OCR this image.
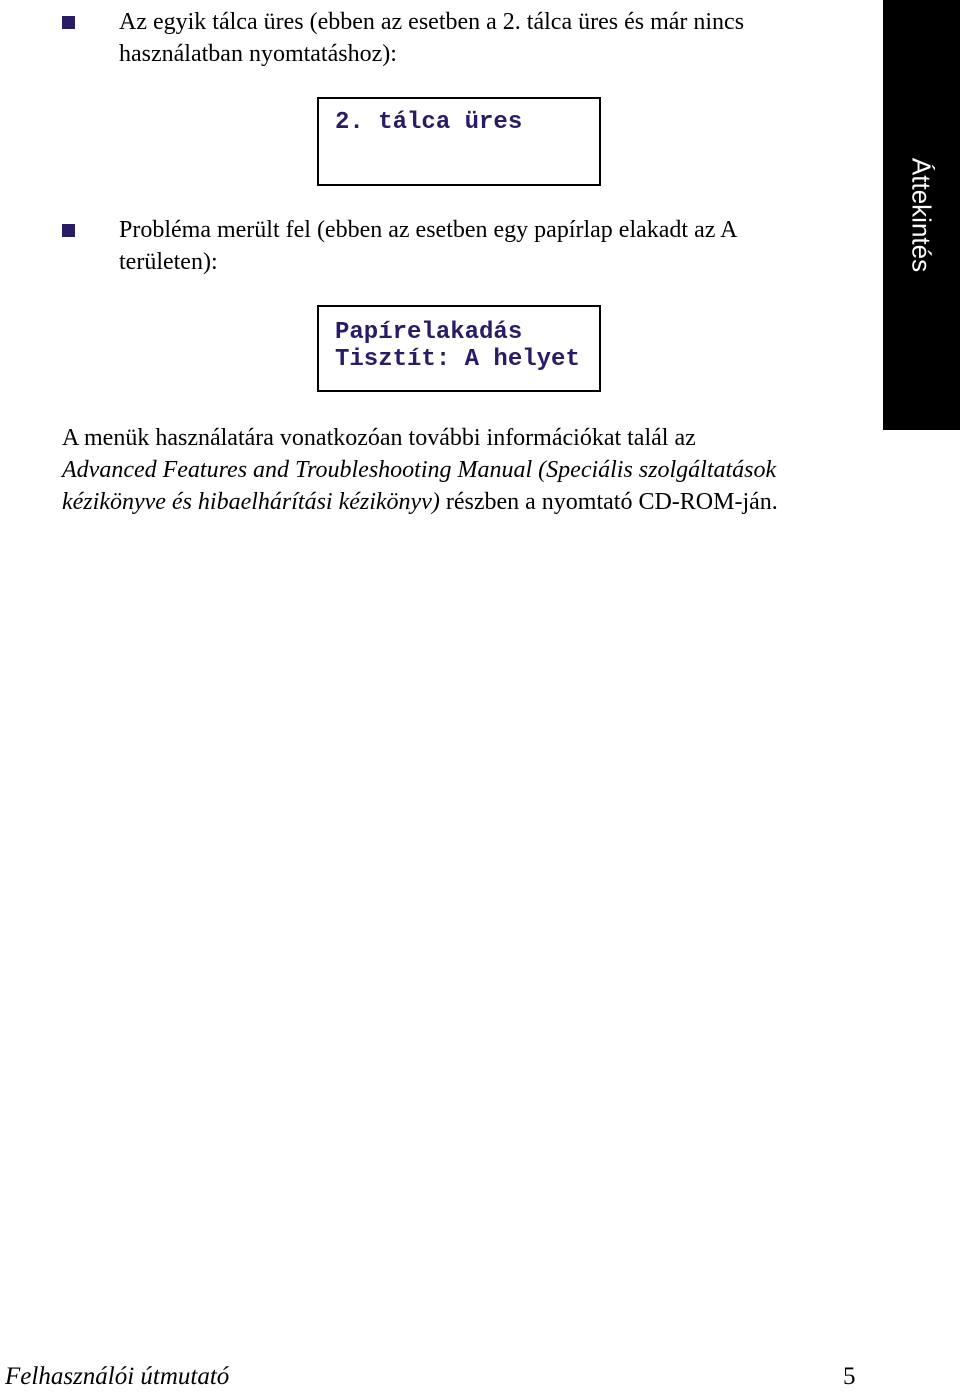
Az egyik tálca üres (ebben az esetben a 2. tálca üres és már nincs
használatban nyomtatáshoz):
2. tálca üres
Probléma merült fel (ebben az esetben egy papírlap elakadt az A
területen):
Papírelakadás
Tisztít: A helyet
Áttekintés
A menük használatára vonatkozóan további információkat talál az
Advanced Features and Troubleshooting Manual (Speciális szolgáltatások
kézikönyve és hibaelhárítási kézikönyv) részben a nyomtató CD-ROM-ján.
Felhasználói útmutató	5
